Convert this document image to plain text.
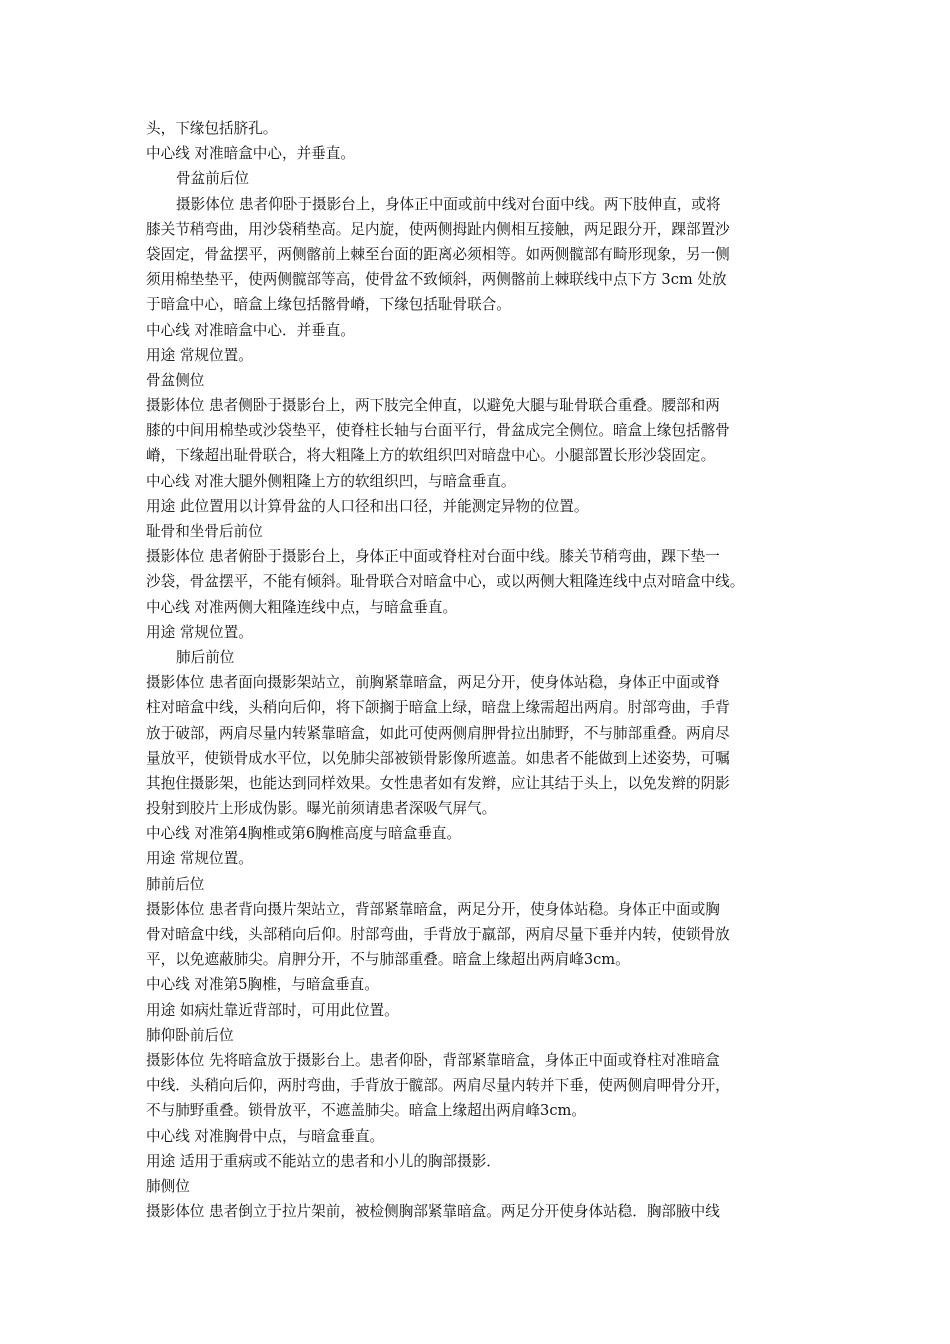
头，下缘包括脐孔。
中心线 对准暗盒中心，并垂直。
骨盆前后位
摄影体位 患者仰卧于摄影台上，身体正中面或前中线对台面中线。两下肢伸直，或将
膝关节稍弯曲，用沙袋稍垫高。足内旋，使两侧拇趾内侧相互接触，两足跟分开，踝部置沙
袋固定，骨盆摆平，两侧髂前上棘至台面的距离必须相等。如两侧髋部有畸形现象，另一侧
须用棉垫垫平，使两侧髋部等高，使骨盆不致倾斜，两侧髂前上棘联线中点下方 3cm 处放
于暗盒中心，暗盒上缘包括髂骨嵴，下缘包括耻骨联合。
中心线 对准暗盒中心．并垂直。
用途 常规位置。
骨盆侧位
摄影体位 患者侧卧于摄影台上，两下肢完全伸直，以避免大腿与耻骨联合重叠。腰部和两
膝的中间用棉垫或沙袋垫平，使脊柱长轴与台面平行，骨盆成完全侧位。暗盒上缘包括髂骨
嵴，下缘超出耻骨联合，将大粗隆上方的软组织凹对暗盘中心。小腿部置长形沙袋固定。
中心线 对准大腿外侧粗隆上方的软组织凹，与暗盒垂直。
用途 此位置用以计算骨盆的人口径和出口径，并能测定异物的位置。
耻骨和坐骨后前位
摄影体位 患者俯卧于摄影台上，身体正中面或脊柱对台面中线。膝关节稍弯曲，踝下垫一
沙袋，骨盆摆平，不能有倾斜。耻骨联合对暗盒中心，或以两侧大粗隆连线中点对暗盒中线。
中心线 对准两侧大粗隆连线中点，与暗盒垂直。
用途 常规位置。
肺后前位
摄影体位 患者面向摄影架站立，前胸紧靠暗盒，两足分开，使身体站稳，身体正中面或脊
柱对暗盒中线，头稍向后仰，将下颌搁于暗盒上绿，暗盘上缘需超出两肩。肘部弯曲，手背
放于破部，两肩尽量内转紧靠暗盒，如此可使两侧肩胛骨拉出肺野，不与肺部重叠。两肩尽
量放平，使锁骨成水平位，以免肺尖部被锁骨影像所遮盖。如患者不能做到上述姿势，可嘱
其抱住摄影架，也能达到同样效果。女性患者如有发辫，应让其结于头上，以免发辫的阴影
投射到胶片上形成伪影。曝光前须请患者深吸气屏气。
中心线 对准第4胸椎或第6胸椎高度与暗盒垂直。
用途 常规位置。
肺前后位
摄影体位 患者背向摄片架站立，背部紧靠暗盒，两足分开，使身体站稳。身体正中面或胸
骨对暗盒中线，头部稍向后仰。肘部弯曲，手背放于羸部，两肩尽量下垂并内转，使锁骨放
平，以免遮蔽肺尖。肩胛分开，不与肺部重叠。暗盒上缘超出两肩峰3cm。
中心线 对准第5胸椎，与暗盒垂直。
用途 如病灶靠近背部时，可用此位置。
肺仰卧前后位
摄影体位 先将暗盒放于摄影台上。患者仰卧，背部紧靠暗盒，身体正中面或脊柱对准暗盒
中线．头稍向后仰，两肘弯曲，手背放于髋部。两肩尽量内转并下垂，使两侧肩呷骨分开，
不与肺野重叠。锁骨放平，不遮盖肺尖。暗盒上缘超出两肩峰3cm。
中心线 对准胸骨中点，与暗盒垂直。
用途 适用于重病或不能站立的患者和小儿的胸部摄影．
肺侧位
摄影体位 患者倒立于拉片架前，被检侧胸部紧靠暗盒。两足分开使身体站稳．胸部腋中线
